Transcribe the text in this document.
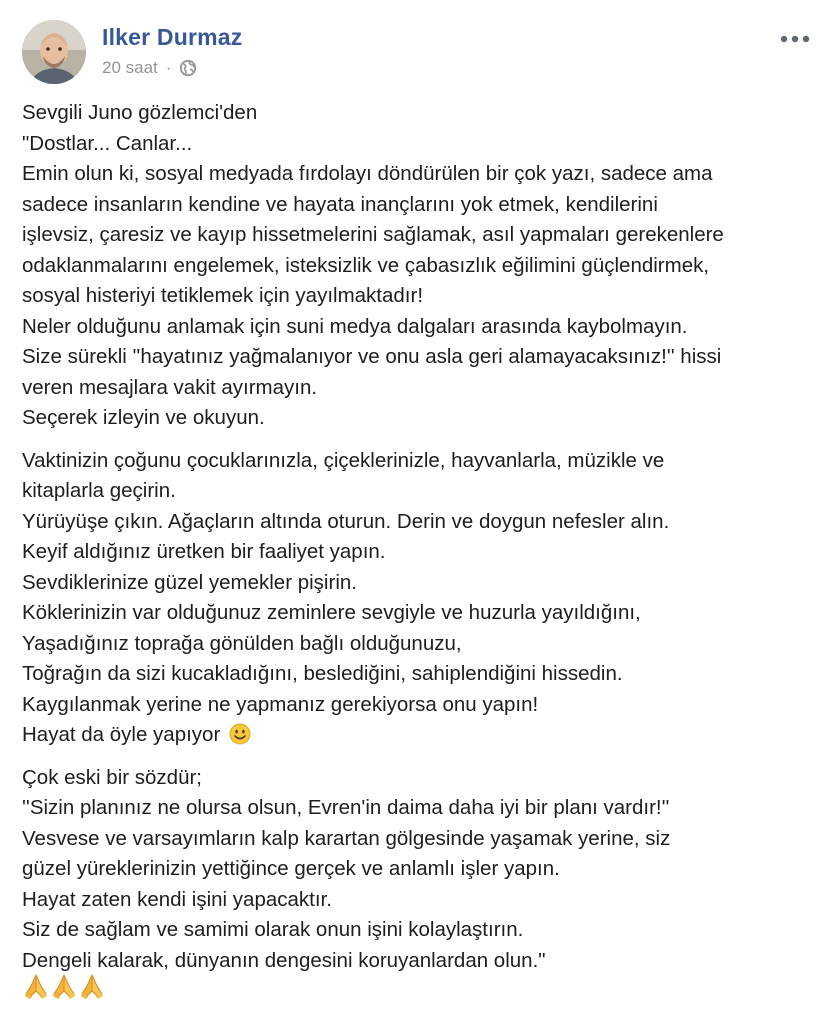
Ilker Durmaz
20 saat ·
Sevgili Juno gözlemci'den
"Dostlar... Canlar...
Emin olun ki, sosyal medyada fırdolayı döndürülen bir çok yazı, sadece ama
sadece insanların kendine ve hayata inançlarını yok etmek, kendilerini
işlevsiz, çaresiz ve kayıp hissetmelerini sağlamak, asıl yapmaları gerekenlere
odaklanmalarını engelemek, isteksizlik ve çabasızlık eğilimini güçlendirmek,
sosyal histeriyi tetiklemek için yayılmaktadır!
Neler olduğunu anlamak için suni medya dalgaları arasında kaybolmayın.
Size sürekli ''hayatınız yağmalanıyor ve onu asla geri alamayacaksınız!'' hissi
veren mesajlara vakit ayırmayın.
Seçerek izleyin ve okuyun.
Vaktinizin çoğunu çocuklarınızla, çiçeklerinizle, hayvanlarla, müzikle ve
kitaplarla geçirin.
Yürüyüşe çıkın. Ağaçların altında oturun. Derin ve doygun nefesler alın.
Keyif aldığınız üretken bir faaliyet yapın.
Sevdiklerinize güzel yemekler pişirin.
Köklerinizin var olduğunuz zeminlere sevgiyle ve huzurla yayıldığını,
Yaşadığınız toprağa gönülden bağlı olduğunuzu,
Toğrağın da sizi kucakladığını, beslediğini, sahiplendiğini hissedin.
Kaygılanmak yerine ne yapmanız gerekiyorsa onu yapın!
Hayat da öyle yapıyor
Çok eski bir sözdür;
''Sizin planınız ne olursa olsun, Evren'in daima daha iyi bir planı vardır!''
Vesvese ve varsayımların kalp karartan gölgesinde yaşamak yerine, siz
güzel yüreklerinizin yettiğince gerçek ve anlamlı işler yapın.
Hayat zaten kendi işini yapacaktır.
Siz de sağlam ve samimi olarak onun işini kolaylaştırın.
Dengeli kalarak, dünyanın dengesini koruyanlardan olun."
